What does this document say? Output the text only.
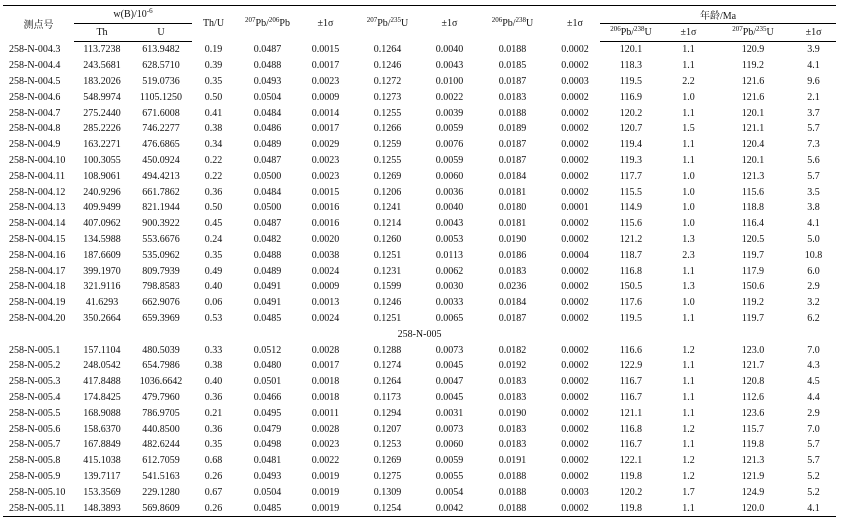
测点号	$w(B)/10^{-6}$		Th/U	$^{207}$Pb/$^{206}$Pb	±1σ	$^{207}$Pb/$^{235}$U	±1σ	$^{206}$Pb/$^{238}$U	±1σ	年龄/Ma			
	Th	U								$^{206}$Pb/$^{238}$U	±1σ	$^{207}$Pb/$^{235}$U	±1σ
258-N-004.3	113.7238	613.9482	0.19	0.0487	0.0015	0.1264	0.0040	0.0188	0.0002	120.1	1.1	120.9	3.9
258-N-004.4	243.5681	628.5710	0.39	0.0488	0.0017	0.1246	0.0043	0.0185	0.0002	118.3	1.1	119.2	4.1
258-N-004.5	183.2026	519.0736	0.35	0.0493	0.0023	0.1272	0.0100	0.0187	0.0003	119.5	2.2	121.6	9.6
258-N-004.6	548.9974	1105.1250	0.50	0.0504	0.0009	0.1273	0.0022	0.0183	0.0002	116.9	1.0	121.6	2.1
258-N-004.7	275.2440	671.6008	0.41	0.0484	0.0014	0.1255	0.0039	0.0188	0.0002	120.2	1.1	120.1	3.7
258-N-004.8	285.2226	746.2277	0.38	0.0486	0.0017	0.1266	0.0059	0.0189	0.0002	120.7	1.5	121.1	5.7
258-N-004.9	163.2271	476.6865	0.34	0.0489	0.0029	0.1259	0.0076	0.0187	0.0002	119.4	1.1	120.4	7.3
258-N-004.10	100.3055	450.0924	0.22	0.0487	0.0023	0.1255	0.0059	0.0187	0.0002	119.3	1.1	120.1	5.6
258-N-004.11	108.9061	494.4213	0.22	0.0500	0.0023	0.1269	0.0060	0.0184	0.0002	117.7	1.0	121.3	5.7
258-N-004.12	240.9296	661.7862	0.36	0.0484	0.0015	0.1206	0.0036	0.0181	0.0002	115.5	1.0	115.6	3.5
258-N-004.13	409.9499	821.1944	0.50	0.0500	0.0016	0.1241	0.0040	0.0180	0.0001	114.9	1.0	118.8	3.8
258-N-004.14	407.0962	900.3922	0.45	0.0487	0.0016	0.1214	0.0043	0.0181	0.0002	115.6	1.0	116.4	4.1
258-N-004.15	134.5988	553.6676	0.24	0.0482	0.0020	0.1260	0.0053	0.0190	0.0002	121.2	1.3	120.5	5.0
258-N-004.16	187.6609	535.0962	0.35	0.0488	0.0038	0.1251	0.0113	0.0186	0.0004	118.7	2.3	119.7	10.8
258-N-004.17	399.1970	809.7939	0.49	0.0489	0.0024	0.1231	0.0062	0.0183	0.0002	116.8	1.1	117.9	6.0
258-N-004.18	321.9116	798.8583	0.40	0.0491	0.0009	0.1599	0.0030	0.0236	0.0002	150.5	1.3	150.6	2.9
258-N-004.19	41.6293	662.9076	0.06	0.0491	0.0013	0.1246	0.0033	0.0184	0.0002	117.6	1.0	119.2	3.2
258-N-004.20	350.2664	659.3969	0.53	0.0485	0.0024	0.1251	0.0065	0.0187	0.0002	119.5	1.1	119.7	6.2
258-N-005													
258-N-005.1	157.1104	480.5039	0.33	0.0512	0.0028	0.1288	0.0073	0.0182	0.0002	116.6	1.2	123.0	7.0
258-N-005.2	248.0542	654.7986	0.38	0.0480	0.0017	0.1274	0.0045	0.0192	0.0002	122.9	1.1	121.7	4.3
258-N-005.3	417.8488	1036.6642	0.40	0.0501	0.0018	0.1264	0.0047	0.0183	0.0002	116.7	1.1	120.8	4.5
258-N-005.4	174.8425	479.7960	0.36	0.0466	0.0018	0.1173	0.0045	0.0183	0.0002	116.7	1.1	112.6	4.4
258-N-005.5	168.9088	786.9705	0.21	0.0495	0.0011	0.1294	0.0031	0.0190	0.0002	121.1	1.1	123.6	2.9
258-N-005.6	158.6370	440.8500	0.36	0.0479	0.0028	0.1207	0.0073	0.0183	0.0002	116.8	1.2	115.7	7.0
258-N-005.7	167.8849	482.6244	0.35	0.0498	0.0023	0.1253	0.0060	0.0183	0.0002	116.7	1.1	119.8	5.7
258-N-005.8	415.1038	612.7059	0.68	0.0481	0.0022	0.1269	0.0059	0.0191	0.0002	122.1	1.2	121.3	5.7
258-N-005.9	139.7117	541.5163	0.26	0.0493	0.0019	0.1275	0.0055	0.0188	0.0002	119.8	1.2	121.9	5.2
258-N-005.10	153.3569	229.1280	0.67	0.0504	0.0019	0.1309	0.0054	0.0188	0.0003	120.2	1.7	124.9	5.2
258-N-005.11	148.3893	569.8609	0.26	0.0485	0.0019	0.1254	0.0042	0.0188	0.0002	119.8	1.1	120.0	4.1
